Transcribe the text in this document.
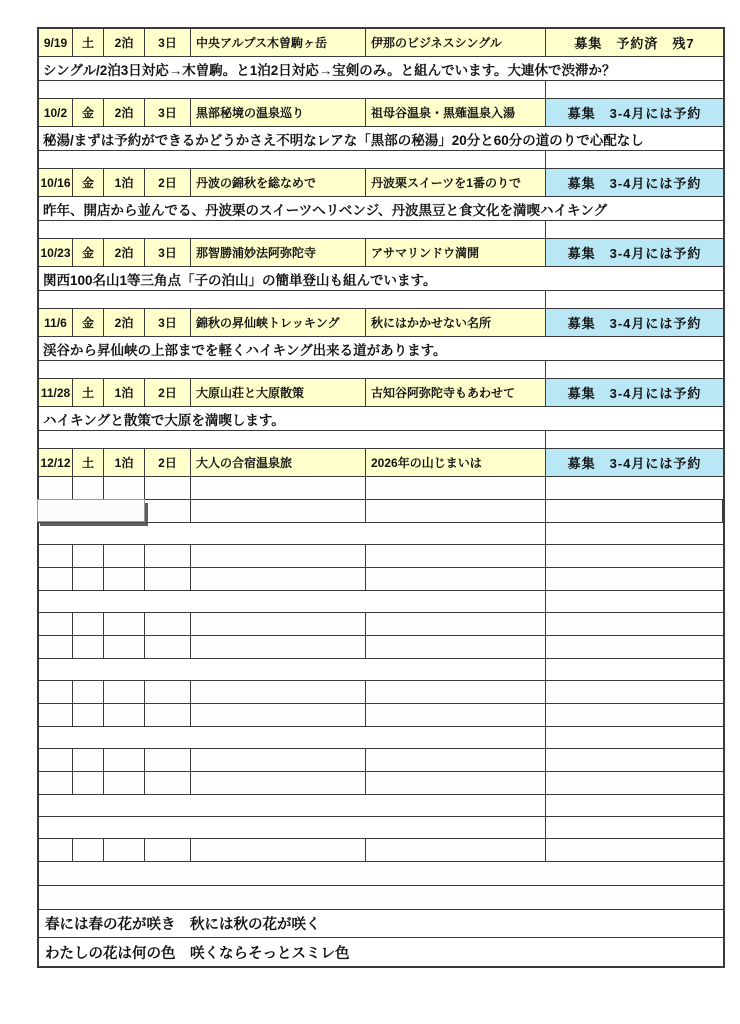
9/19	土	2泊	3日	中央アルプス木曽駒ヶ岳	伊那のビジネスシングル	募集　予約済　残7
シングル/2泊3日対応→木曽駒。と1泊2日対応→宝剣のみ。と組んでいます。大連休で渋滞か？
10/2	金	2泊	3日	黒部秘境の温泉巡り	祖母谷温泉・黒薙温泉入湯	募集　3-4月には予約
秘湯/まずは予約ができるかどうかさえ不明なレアな「黒部の秘湯」20分と60分の道のりで心配なし
10/16 金	1泊	2日	丹波の錦秋を総なめで	丹波栗スイーツを1番のりで	募集　3-4月には予約
昨年、開店から並んでる、丹波栗のスイーツへリベンジ、丹波黒豆と食文化を満喫ハイキング
10/23 金	2泊	3日	那智勝浦妙法阿弥陀寺	アサマリンドウ満開	募集　3-4月には予約
関西100名山1等三角点「子の泊山」の簡単登山も組んでいます。
11/6	金	2泊	3日	錦秋の昇仙峡トレッキング	秋にはかかせない名所	募集　3-4月には予約
渓谷から昇仙峡の上部までを軽くハイキング出来る道があります。
11/28 土	1泊	2日	大原山荘と大原散策	古知谷阿弥陀寺もあわせて	募集　3-4月には予約
ハイキングと散策で大原を満喫します。
12/12 土	1泊	2日	大人の合宿温泉旅	2026年の山じまいは	募集　3-4月には予約
春には春の花が咲き　秋には秋の花が咲く
わたしの花は何の色　咲くならそっとスミレ色
